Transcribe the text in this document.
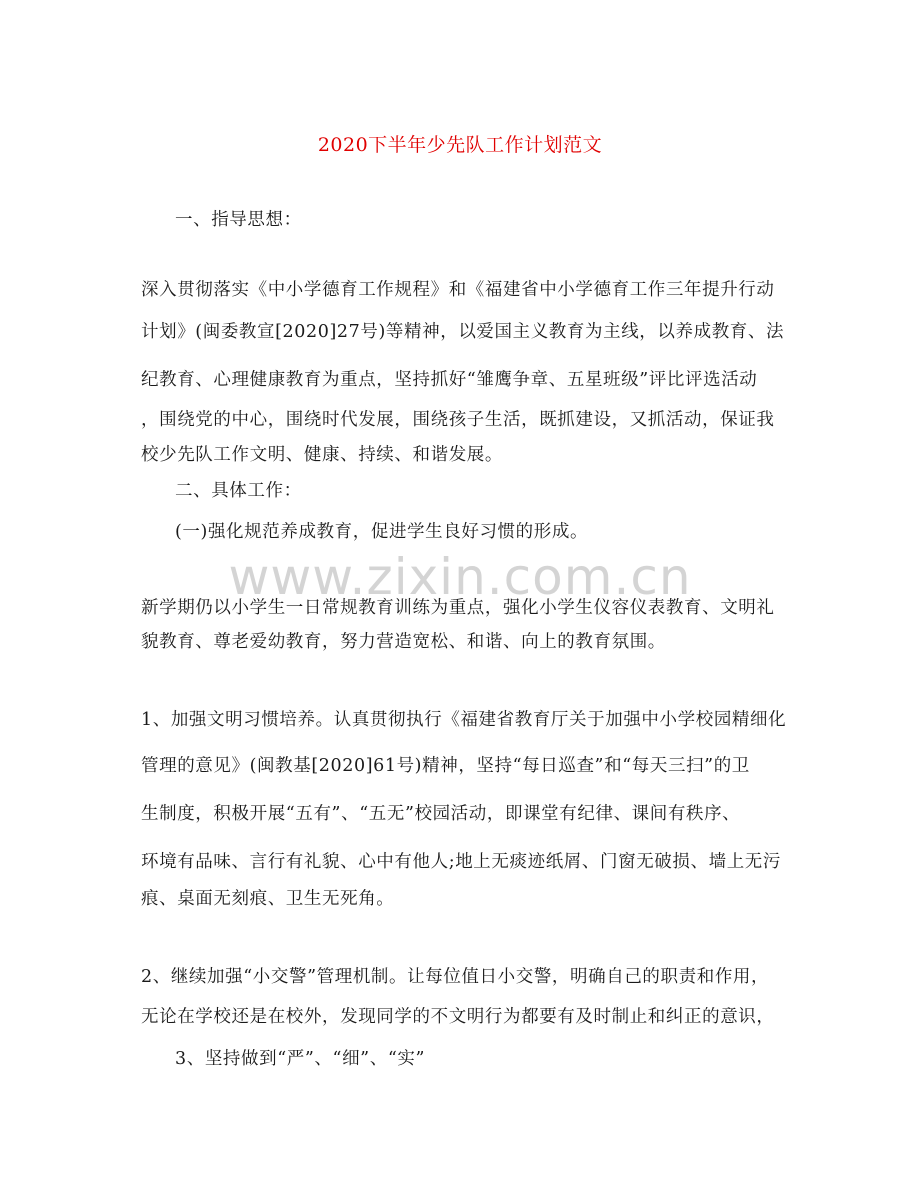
2020下半年少先队工作计划范文
www.zixin.com.cn
一、指导思想：
深入贯彻落实《中小学德育工作规程》和《福建省中小学德育工作三年提升行动
计划》(闽委教宣[2020]27号)等精神，以爱国主义教育为主线，以养成教育、法
纪教育、心理健康教育为重点，坚持抓好“雏鹰争章、五星班级”评比评选活动
，围绕党的中心，围绕时代发展，围绕孩子生活，既抓建设，又抓活动，保证我
校少先队工作文明、健康、持续、和谐发展。
二、具体工作：
(一)强化规范养成教育，促进学生良好习惯的形成。
新学期仍以小学生一日常规教育训练为重点，强化小学生仪容仪表教育、文明礼
貌教育、尊老爱幼教育，努力营造宽松、和谐、向上的教育氛围。
1、加强文明习惯培养。认真贯彻执行《福建省教育厅关于加强中小学校园精细化
管理的意见》(闽教基[2020]61号)精神，坚持“每日巡查”和“每天三扫”的卫
生制度，积极开展“五有”、“五无”校园活动，即课堂有纪律、课间有秩序、
环境有品味、言行有礼貌、心中有他人;地上无痰迹纸屑、门窗无破损、墙上无污
痕、桌面无刻痕、卫生无死角。
2、继续加强“小交警”管理机制。让每位值日小交警，明确自己的职责和作用，
无论在学校还是在校外，发现同学的不文明行为都要有及时制止和纠正的意识，
3、坚持做到“严”、“细”、“实”
